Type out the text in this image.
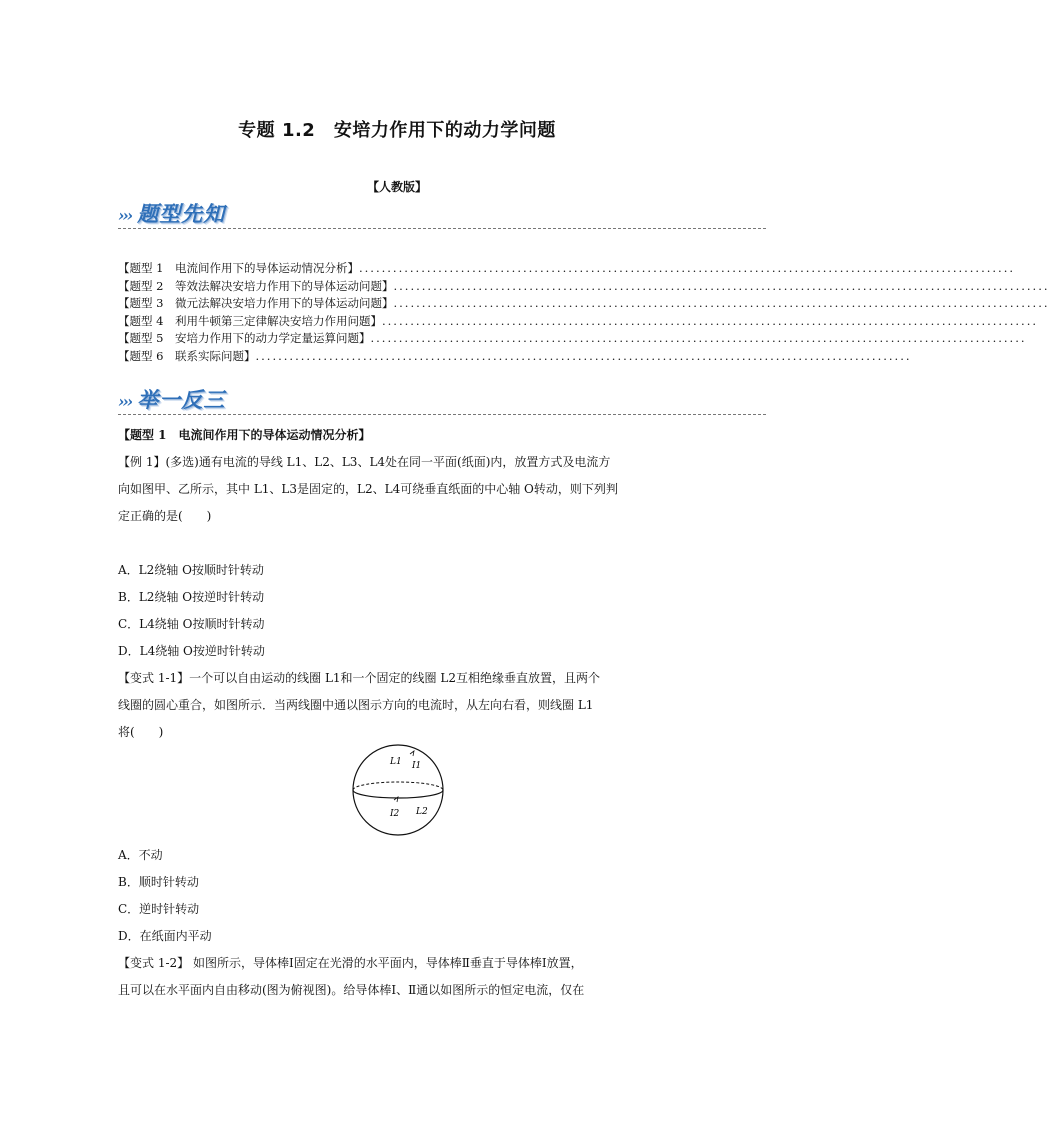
专题 1.2　安培力作用下的动力学问题
【人教版】
››› 题型先知
【题型 1　电流间作用下的导体运动情况分析】 ....................................................................................................................
【题型 2　等效法解决安培力作用下的导体运动问题】 ....................................................................................................................
【题型 3　微元法解决安培力作用下的导体运动问题】 ....................................................................................................................
【题型 4　利用牛顿第三定律解决安培力作用问题】 ....................................................................................................................
【题型 5　安培力作用下的动力学定量运算问题】 ....................................................................................................................
【题型 6　联系实际问题】 ....................................................................................................................
››› 举一反三
【题型 1　电流间作用下的导体运动情况分析】
【例 1】(多选)通有电流的导线 L1、L2、L3、L4处在同一平面(纸面)内，放置方式及电流方
向如图甲、乙所示，其中 L1、L3是固定的，L2、L4可绕垂直纸面的中心轴 O转动，则下列判
定正确的是(　　)
A．L2绕轴 O按顺时针转动
B．L2绕轴 O按逆时针转动
C．L4绕轴 O按顺时针转动
D．L4绕轴 O按逆时针转动
【变式 1-1】一个可以自由运动的线圈 L1和一个固定的线圈 L2互相绝缘垂直放置，且两个
线圈的圆心重合，如图所示．当两线圈中通以图示方向的电流时，从左向右看，则线圈 L1
将(　　)
L1 I1
I2 L2
A．不动
B．顺时针转动
C．逆时针转动
D．在纸面内平动
【变式 1-2】 如图所示，导体棒Ⅰ固定在光滑的水平面内，导体棒Ⅱ垂直于导体棒Ⅰ放置，
且可以在水平面内自由移动(图为俯视图)。给导体棒Ⅰ、Ⅱ通以如图所示的恒定电流，仅在
